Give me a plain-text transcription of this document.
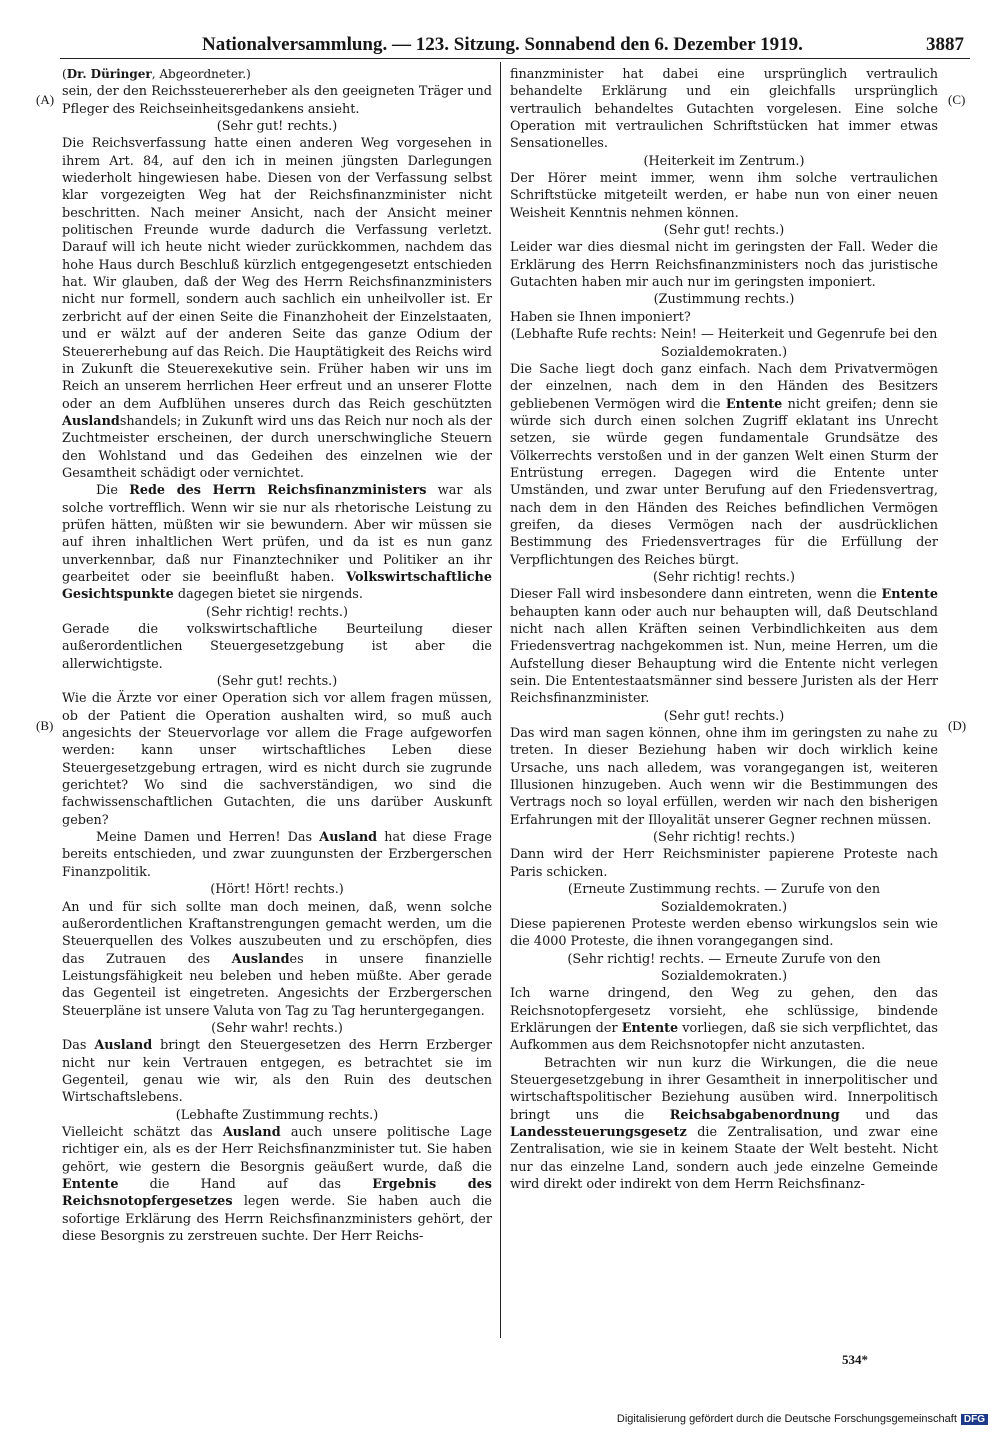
Nationalversammlung. — 123. Sitzung. Sonnabend den 6. Dezember 1919.	3887
(A)
(B)
(C)
(D)

(Dr. Düringer, Abgeordneter.)

sein, der den Reichssteuererheber als den geeigneten Träger und Pfleger des Reichseinheitsgedankens ansieht.

(Sehr gut! rechts.)

Die Reichsverfassung hatte einen anderen Weg vorgesehen in ihrem Art. 84, auf den ich in meinen jüngsten Darlegungen wiederholt hingewiesen habe. Diesen von der Verfassung selbst klar vorgezeigten Weg hat der Reichsfinanzminister nicht beschritten. Nach meiner Ansicht, nach der Ansicht meiner politischen Freunde wurde dadurch die Verfassung verletzt. Darauf will ich heute nicht wieder zurückkommen, nachdem das hohe Haus durch Beschluß kürzlich entgegengesetzt entschieden hat. Wir glauben, daß der Weg des Herrn Reichsfinanzministers nicht nur formell, sondern auch sachlich ein unheilvoller ist. Er zerbricht auf der einen Seite die Finanzhoheit der Einzelstaaten, und er wälzt auf der anderen Seite das ganze Odium der Steuererhebung auf das Reich. Die Hauptätigkeit des Reichs wird in Zukunft die Steuerexekutive sein. Früher haben wir uns im Reich an unserem herrlichen Heer erfreut und an unserer Flotte oder an dem Aufblühen unseres durch das Reich geschützten Auslandshandels; in Zukunft wird uns das Reich nur noch als der Zuchtmeister erscheinen, der durch unerschwingliche Steuern den Wohlstand und das Gedeihen des einzelnen wie der Gesamtheit schädigt oder vernichtet.

Die Rede des Herrn Reichsfinanzministers war als solche vortrefflich. Wenn wir sie nur als rhetorische Leistung zu prüfen hätten, müßten wir sie bewundern. Aber wir müssen sie auf ihren inhaltlichen Wert prüfen, und da ist es nun ganz unverkennbar, daß nur Finanztechniker und Politiker an ihr gearbeitet oder sie beeinflußt haben. Volkswirtschaftliche Gesichtspunkte dagegen bietet sie nirgends.

(Sehr richtig! rechts.)

Gerade die volkswirtschaftliche Beurteilung dieser außerordentlichen Steuergesetzgebung ist aber die allerwichtigste.

(Sehr gut! rechts.)

Wie die Ärzte vor einer Operation sich vor allem fragen müssen, ob der Patient die Operation aushalten wird, so muß auch angesichts der Steuervorlage vor allem die Frage aufgeworfen werden: kann unser wirtschaftliches Leben diese Steuergesetzgebung ertragen, wird es nicht durch sie zugrunde gerichtet? Wo sind die sachverständigen, wo sind die fachwissenschaftlichen Gutachten, die uns darüber Auskunft geben?

Meine Damen und Herren! Das Ausland hat diese Frage bereits entschieden, und zwar zuungunsten der Erzbergerschen Finanzpolitik.

(Hört! Hört! rechts.)

An und für sich sollte man doch meinen, daß, wenn solche außerordentlichen Kraftanstrengungen gemacht werden, um die Steuerquellen des Volkes auszubeuten und zu erschöpfen, dies das Zutrauen des Auslandes in unsere finanzielle Leistungsfähigkeit neu beleben und heben müßte. Aber gerade das Gegenteil ist eingetreten. Angesichts der Erzbergerschen Steuerpläne ist unsere Valuta von Tag zu Tag heruntergegangen.

(Sehr wahr! rechts.)

Das Ausland bringt den Steuergesetzen des Herrn Erzberger nicht nur kein Vertrauen entgegen, es betrachtet sie im Gegenteil, genau wie wir, als den Ruin des deutschen Wirtschaftslebens.

(Lebhafte Zustimmung rechts.)

Vielleicht schätzt das Ausland auch unsere politische Lage richtiger ein, als es der Herr Reichsfinanzminister tut. Sie haben gehört, wie gestern die Besorgnis geäußert wurde, daß die Entente die Hand auf das Ergebnis des Reichsnotopfergesetzes legen werde. Sie haben auch die sofortige Erklärung des Herrn Reichsfinanzministers gehört, der diese Besorgnis zu zerstreuen suchte. Der Herr Reichs-

finanzminister hat dabei eine ursprünglich vertraulich behandelte Erklärung und ein gleichfalls ursprünglich vertraulich behandeltes Gutachten vorgelesen. Eine solche Operation mit vertraulichen Schriftstücken hat immer etwas Sensationelles.

(Heiterkeit im Zentrum.)

Der Hörer meint immer, wenn ihm solche vertraulichen Schriftstücke mitgeteilt werden, er habe nun von einer neuen Weisheit Kenntnis nehmen können.

(Sehr gut! rechts.)

Leider war dies diesmal nicht im geringsten der Fall. Weder die Erklärung des Herrn Reichsfinanzministers noch das juristische Gutachten haben mir auch nur im geringsten imponiert.

(Zustimmung rechts.)

Haben sie Ihnen imponiert?

(Lebhafte Rufe rechts: Nein! — Heiterkeit und Gegenrufe bei den Sozialdemokraten.)

Die Sache liegt doch ganz einfach. Nach dem Privatvermögen der einzelnen, nach dem in den Händen des Besitzers gebliebenen Vermögen wird die Entente nicht greifen; denn sie würde sich durch einen solchen Zugriff eklatant ins Unrecht setzen, sie würde gegen fundamentale Grundsätze des Völkerrechts verstoßen und in der ganzen Welt einen Sturm der Entrüstung erregen. Dagegen wird die Entente unter Umständen, und zwar unter Berufung auf den Friedensvertrag, nach dem in den Händen des Reiches befindlichen Vermögen greifen, da dieses Vermögen nach der ausdrücklichen Bestimmung des Friedensvertrages für die Erfüllung der Verpflichtungen des Reiches bürgt.

(Sehr richtig! rechts.)

Dieser Fall wird insbesondere dann eintreten, wenn die Entente behaupten kann oder auch nur behaupten will, daß Deutschland nicht nach allen Kräften seinen Verbindlichkeiten aus dem Friedensvertrag nachgekommen ist. Nun, meine Herren, um die Aufstellung dieser Behauptung wird die Entente nicht verlegen sein. Die Ententestaatsmänner sind bessere Juristen als der Herr Reichsfinanzminister.

(Sehr gut! rechts.)

Das wird man sagen können, ohne ihm im geringsten zu nahe zu treten. In dieser Beziehung haben wir doch wirklich keine Ursache, uns nach alledem, was vorangegangen ist, weiteren Illusionen hinzugeben. Auch wenn wir die Bestimmungen des Vertrags noch so loyal erfüllen, werden wir nach den bisherigen Erfahrungen mit der Illoyalität unserer Gegner rechnen müssen.

(Sehr richtig! rechts.)

Dann wird der Herr Reichsminister papierene Proteste nach Paris schicken.

(Erneute Zustimmung rechts. — Zurufe von den Sozialdemokraten.)

Diese papierenen Proteste werden ebenso wirkungslos sein wie die 4000 Proteste, die ihnen vorangegangen sind.

(Sehr richtig! rechts. — Erneute Zurufe von den Sozialdemokraten.)

Ich warne dringend, den Weg zu gehen, den das Reichsnotopfergesetz vorsieht, ehe schlüssige, bindende Erklärungen der Entente vorliegen, daß sie sich verpflichtet, das Aufkommen aus dem Reichsnotopfer nicht anzutasten.

Betrachten wir nun kurz die Wirkungen, die die neue Steuergesetzgebung in ihrer Gesamtheit in innerpolitischer und wirtschaftspolitischer Beziehung ausüben wird. Innerpolitisch bringt uns die Reichsabgabenordnung und das Landessteuerungsgesetz die Zentralisation, und zwar eine Zentralisation, wie sie in keinem Staate der Welt besteht. Nicht nur das einzelne Land, sondern auch jede einzelne Gemeinde wird direkt oder indirekt von dem Herrn Reichsfinanz-

534*
Digitalisierung gefördert durch die Deutsche Forschungsgemeinschaft DFG
